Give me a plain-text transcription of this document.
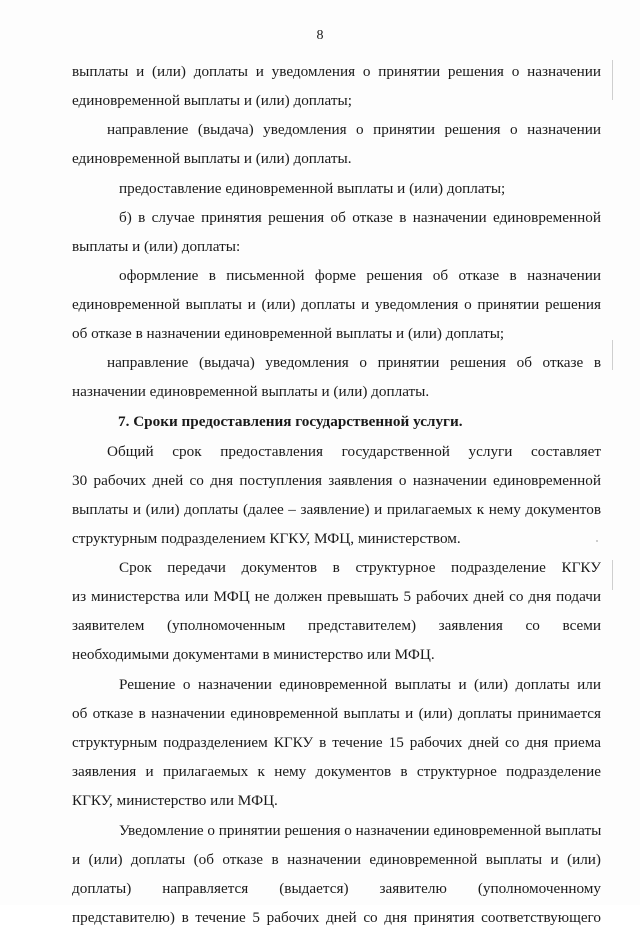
8
выплаты и (или) доплаты и уведомления о принятии решения о назначении
единовременной выплаты и (или) доплаты;
направление (выдача) уведомления о принятии решения о назначении
единовременной выплаты и (или) доплаты.
предоставление единовременной выплаты и (или) доплаты;
б) в случае принятия решения об отказе в назначении единовременной
выплаты и (или) доплаты:
оформление в письменной форме решения об отказе в назначении
единовременной выплаты и (или) доплаты и уведомления о принятии решения
об отказе в назначении единовременной выплаты и (или) доплаты;
направление (выдача) уведомления о принятии решения об отказе в
назначении единовременной выплаты и (или) доплаты.
7. Сроки предоставления государственной услуги.
Общий срок предоставления государственной услуги составляет
30 рабочих дней со дня поступления заявления о назначении единовременной
выплаты и (или) доплаты (далее – заявление) и прилагаемых к нему документов
структурным подразделением КГКУ, МФЦ, министерством.
Срок передачи документов в структурное подразделение КГКУ
из министерства или МФЦ не должен превышать 5 рабочих дней со дня подачи
заявителем (уполномоченным представителем) заявления со всеми
необходимыми документами в министерство или МФЦ.
Решение о назначении единовременной выплаты и (или) доплаты или
об отказе в назначении единовременной выплаты и (или) доплаты принимается
структурным подразделением КГКУ в течение 15 рабочих дней со дня приема
заявления и прилагаемых к нему документов в структурное подразделение
КГКУ, министерство или МФЦ.
Уведомление о принятии решения о назначении единовременной выплаты
и (или) доплаты (об отказе в назначении единовременной выплаты и (или)
доплаты) направляется (выдается) заявителю (уполномоченному
представителю) в течение 5 рабочих дней со дня принятия соответствующего
